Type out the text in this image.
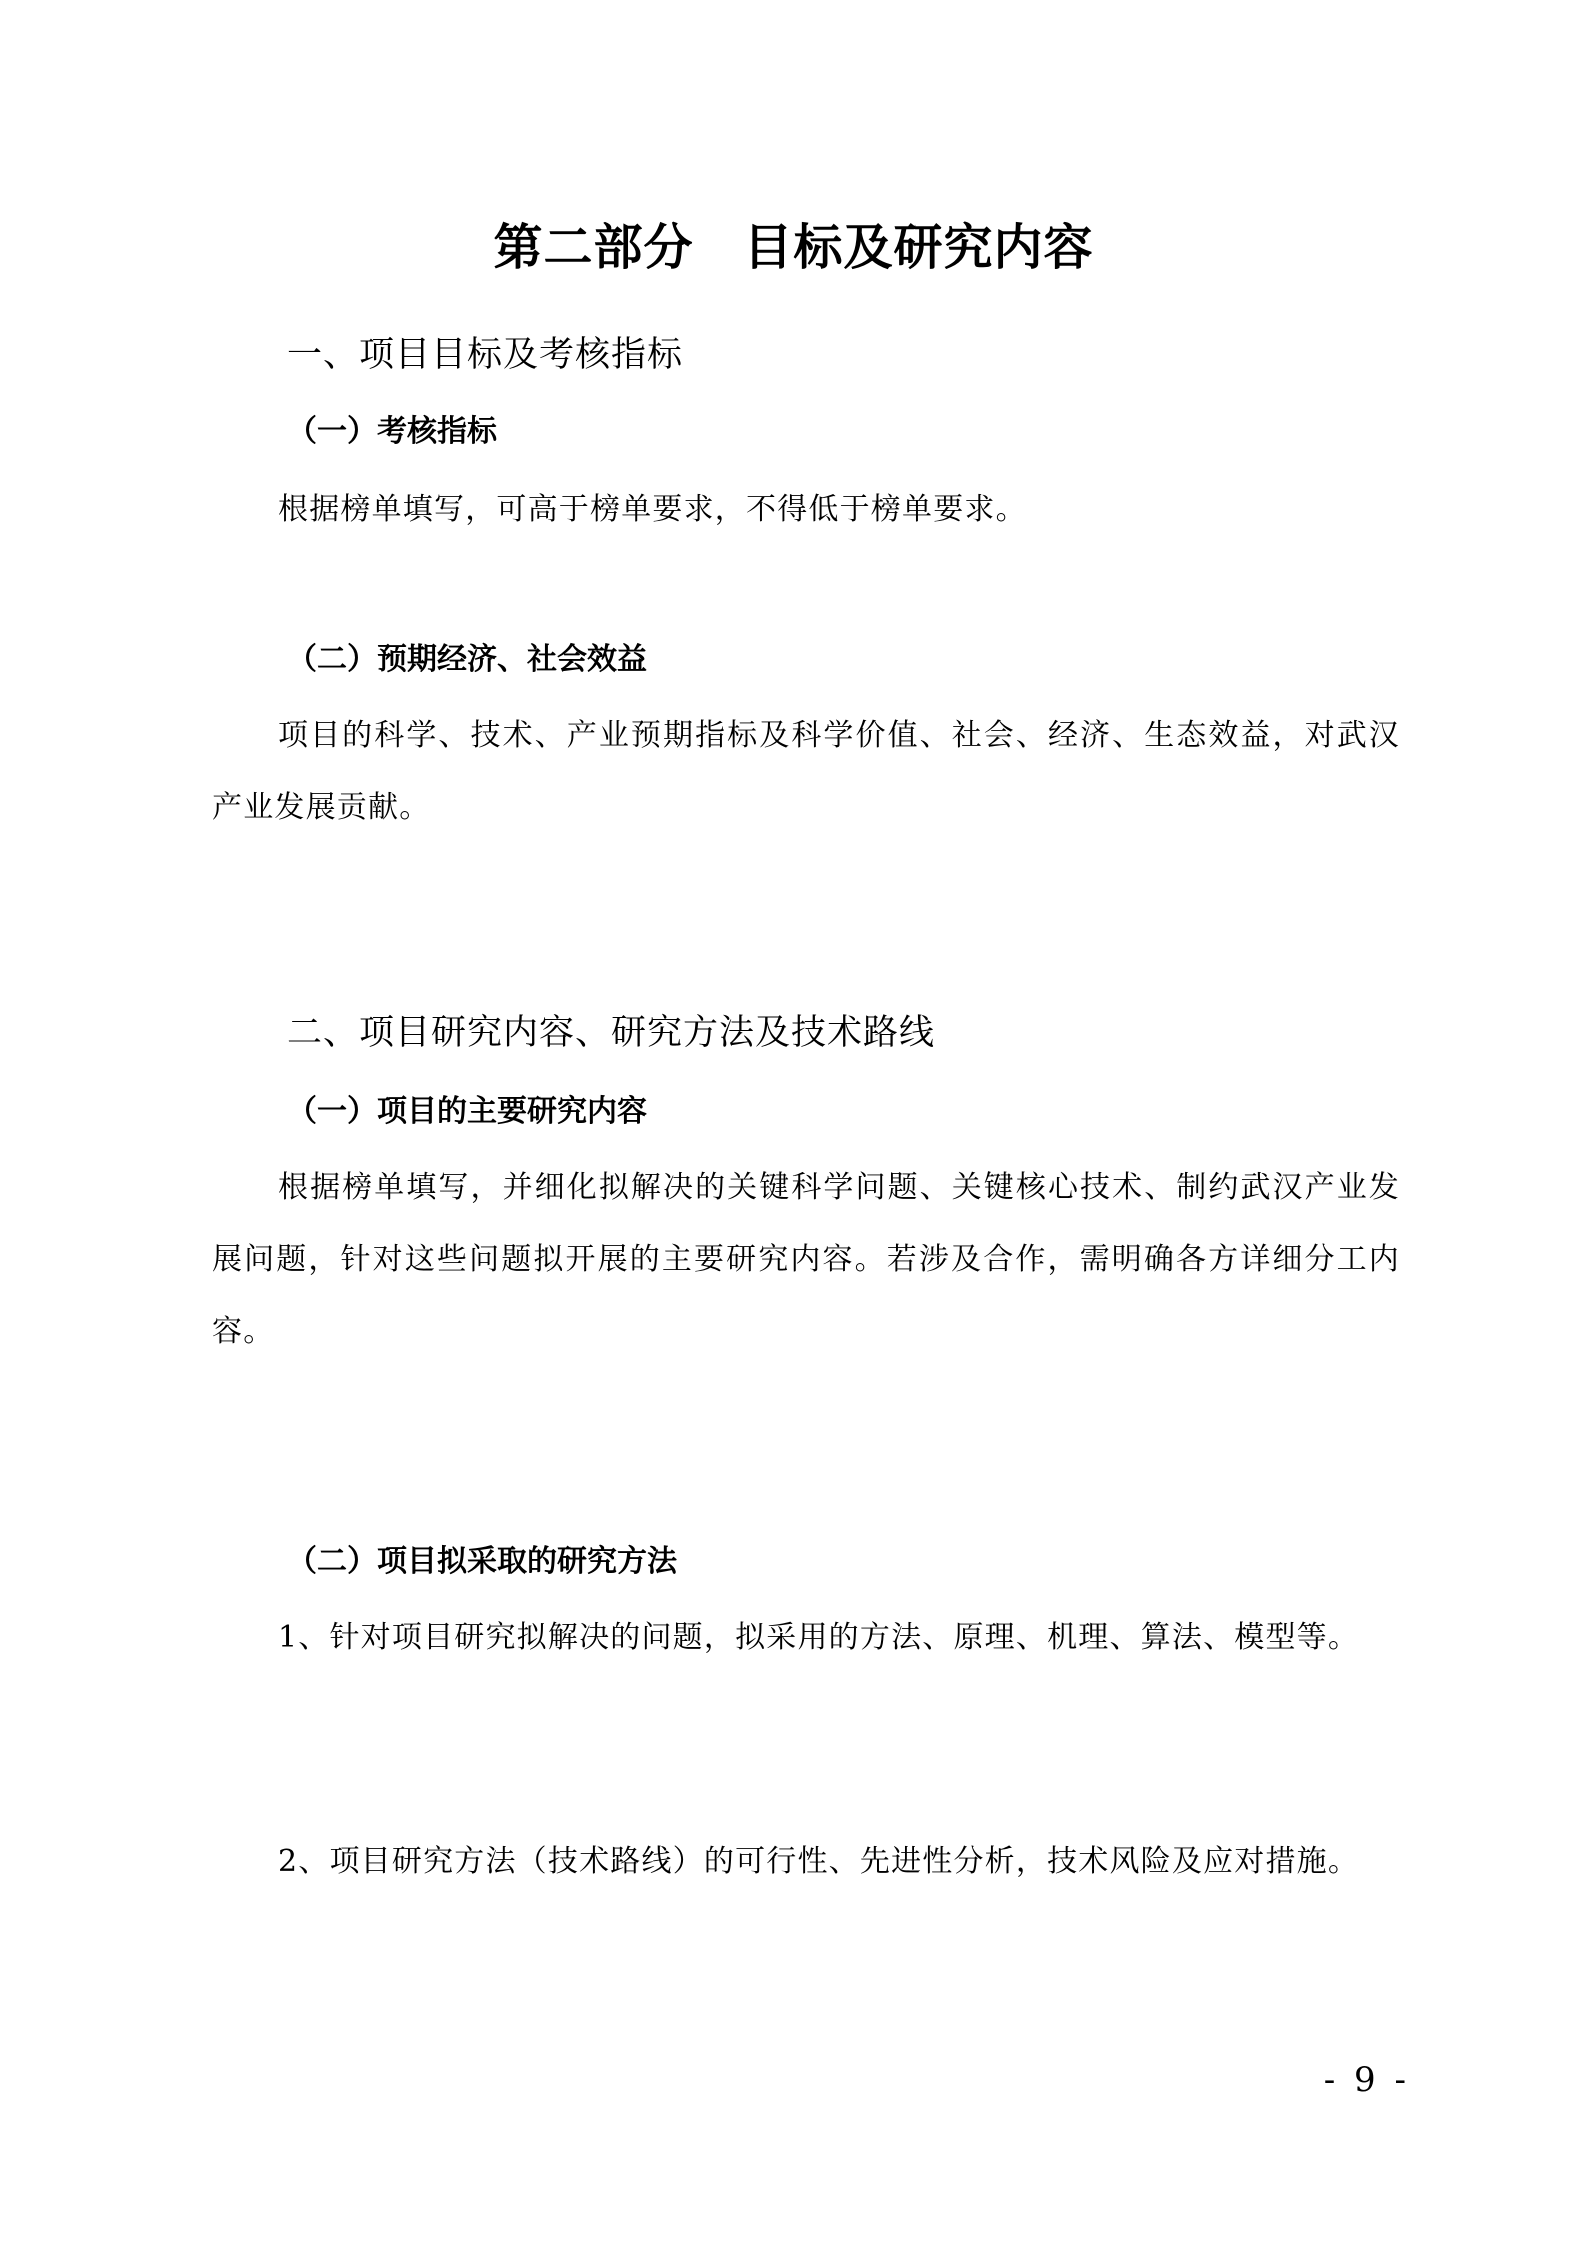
第二部分　目标及研究内容
一、项目目标及考核指标
（一）考核指标

根据榜单填写，可高于榜单要求，不得低于榜单要求。

（二）预期经济、社会效益

项目的科学、技术、产业预期指标及科学价值、社会、经济、生态效益，对武汉产业发展贡献。

二、项目研究内容、研究方法及技术路线
（一）项目的主要研究内容

根据榜单填写，并细化拟解决的关键科学问题、关键核心技术、制约武汉产业发展问题，针对这些问题拟开展的主要研究内容。若涉及合作，需明确各方详细分工内容。

（二）项目拟采取的研究方法

1、针对项目研究拟解决的问题，拟采用的方法、原理、机理、算法、模型等。

2、项目研究方法（技术路线）的可行性、先进性分析，技术风险及应对措施。

- 9 -
